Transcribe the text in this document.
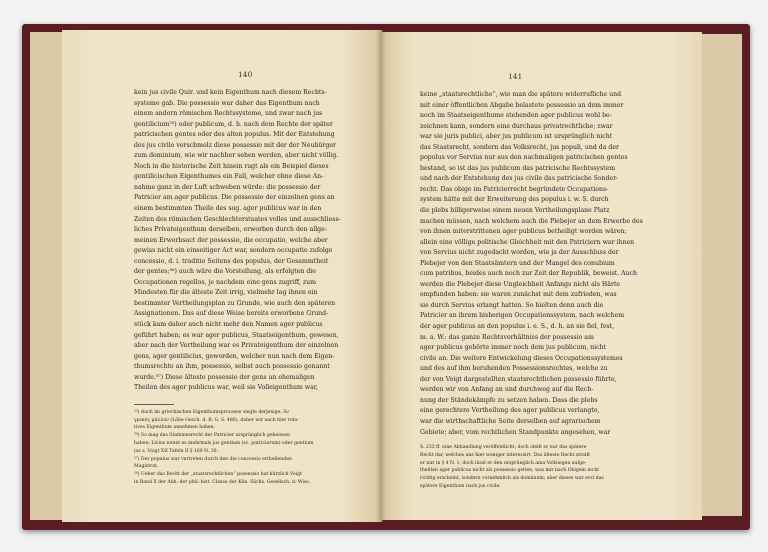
140
kein jus civile Quir. und kein Eigenthum nach diesem Rechts-
systeme gab. Die possessio war daher das Eigenthum nach
einem andern römischen Rechtssysteme, und zwar nach jus
gentilicium⁵⁵) oder publicum, d. h. nach dem Rechte der später
patricischen gentes oder des alten populus. Mit der Entstehung
des jus civile verschmolz diese possessio mit der der Neubürger
zum dominium, wie wir nachher sehen werden, aber nicht völlig.
Noch in die historische Zeit hinein ragt als ein Beispiel dieses
gentilicischen Eigenthumes ein Fall, welcher ohne diese An-
nahme ganz in der Luft schweben würde: die possessio der
Patricier am ager publicus. Die possessio der einzelnen gens an
einem bestimmten Theile des sog. ager publicus war in den
Zeiten des römischen Geschlechterstaates volles und ausschliess-
liches Privateigenthum derselben, erworben durch den allge-
meinen Erwerbsact der possessio, die occupatio, welche aber
gewiss nicht ein einseitiger Act war, sondern occupatio zufolge
concessio, d. i. traditio Seitens des populus, der Gesammtheit
der gentes;⁵⁶) auch wäre die Vorstellung, als erfolgten die
Occupationen regellos, je nachdem eine gens zugriff, zum
Mindesten für die älteste Zeit irrig, vielmehr lag ihnen ein
bestimmter Vertheilungsplan zu Grunde, wie auch den späteren
Assignationen. Das auf diese Weise bereits erworbene Grund-
stück kam daher auch nicht mehr den Namen ager publicus
geführt haben; es war ager publicus, Staatseigenthum, gewesen,
aber nach der Vertheilung war es Privateigenthum der einzelnen
gens, ager gentilicius, geworden, welcher nun nach dem Eigen-
thumsrechte an ihm, possessio, selbst auch possessio genannt
wurde.⁵⁷) Diese älteste possessio der gens an ehemaligen
Theilen des ager publicus war, weil sie Volleigenthum war,
⁵⁵) Auch im griechischen Eigenthumsprocesse siegte derjenige, ὃν
γρεκὸς μᾶλλον (Löbe Gesch. d. R. G. S. 480), daher wir auch hier rela-
tives Eigenthum annehmen haben.
⁵⁶) So mag das Stammesrecht der Patricier ursprünglich geheissen
haben; Livius nennt es mehrmals jus gentium (sc. patriciorum) oder gentium
jus z. Voigt XII Tafeln II § 169 N. 30.
⁵⁷) Der populus war vertreten durch den die concessio ertheilenden
Magistrat.
⁵⁸) Ueber das Recht der „staatsrechtlichen“ possessio hat kürzlich Voigt
in Band X der Abh. der phil.-hist. Classe der Kön. Sächs. Gesellsch. d. Wiss.
141
keine „staatsrechtliche“, wie man die spätere widerrufliche und
mit einer öffentlichen Abgabe belastete possessio an dem immer
noch im Staatseigenthume stehenden ager publicus wohl be-
zeichnen kann, sondern eine durchaus privatrechtliche; zwar
war sie juris publici, aber jus publicum ist ursprünglich nicht
das Staatsrecht, sondern das Volksrecht, jus populi, und da der
populus vor Servius nur aus den nachmaligen patricischen gentes
bestand, so ist das jus publicum das patricische Rechtssystem
und nach der Entstehung des jus civile das patricische Sonder-
recht. Das obige im Patricierrecht begründete Occupations-
system hätte mit der Erweiterung des populus i. w. S. durch
die plebs billigerweise einem neuen Vertheilungsplane Platz
machen müssen, nach welchem auch die Plebejer an dem Erwerbe des
von ihnen miterstrittenen ager publicus betheiligt worden wären;
allein eine völlige politische Gleichheit mit den Patriciern war ihnen
von Servius nicht zugedacht worden, wie ja der Ausschluss der
Plebejer von den Staatsämtern und der Mangel des conubium
cum patribus, beides auch noch zur Zeit der Republik, beweist. Auch
werden die Plebejer diese Ungleichheit Anfangs nicht als Härte
empfunden haben: sie waren zunächst mit dem zufrieden, was
sie durch Servius erlangt hatten. So hielten denn auch die
Patricier an ihrem bisherigen Occupationssystem, nach welchem
der ager publicus an den populus i. e. S., d. h. an sie fiel, fest,
m. a. W.: das ganze Rechtsverhältniss der possessio am
ager publicus gehörte immer noch dem jus publicum, nicht
civile an. Die weitere Entwickelung dieses Occupationssystemes
und des auf ihm beruhenden Possessionsrechtes, welche zu
der von Voigt dargestellten staatsrechtlichen possessio führte,
werden wir von Anfang an und durchweg auf die Rech-
nung der Ständekämpfe zu setzen haben. Dass die plebs
eine gerechtere Vertheilung des ager publicus verlangte,
war die wirthschaftliche Seite derselben auf agrarischem
Gebiete; aber, vom rechtlichen Standpunkte angesehen, war
S. 233 ff. eine Abhandlung veröffentlicht; doch stellt er nur das spätere
Recht dar, welches uns hier weniger interessirt. Das älteste Recht streift
er nur in § 4 N. 1, doch lässt er den ursprünglich ama Vollsiegen aufge-
theilten ager publicus nicht als possessio gelten, was mir nach Obigem nicht
richtig erscheint, sondern vornehmlich als dominium; aber dieses war erst das
spätere Eigenthum nach jus civile.
